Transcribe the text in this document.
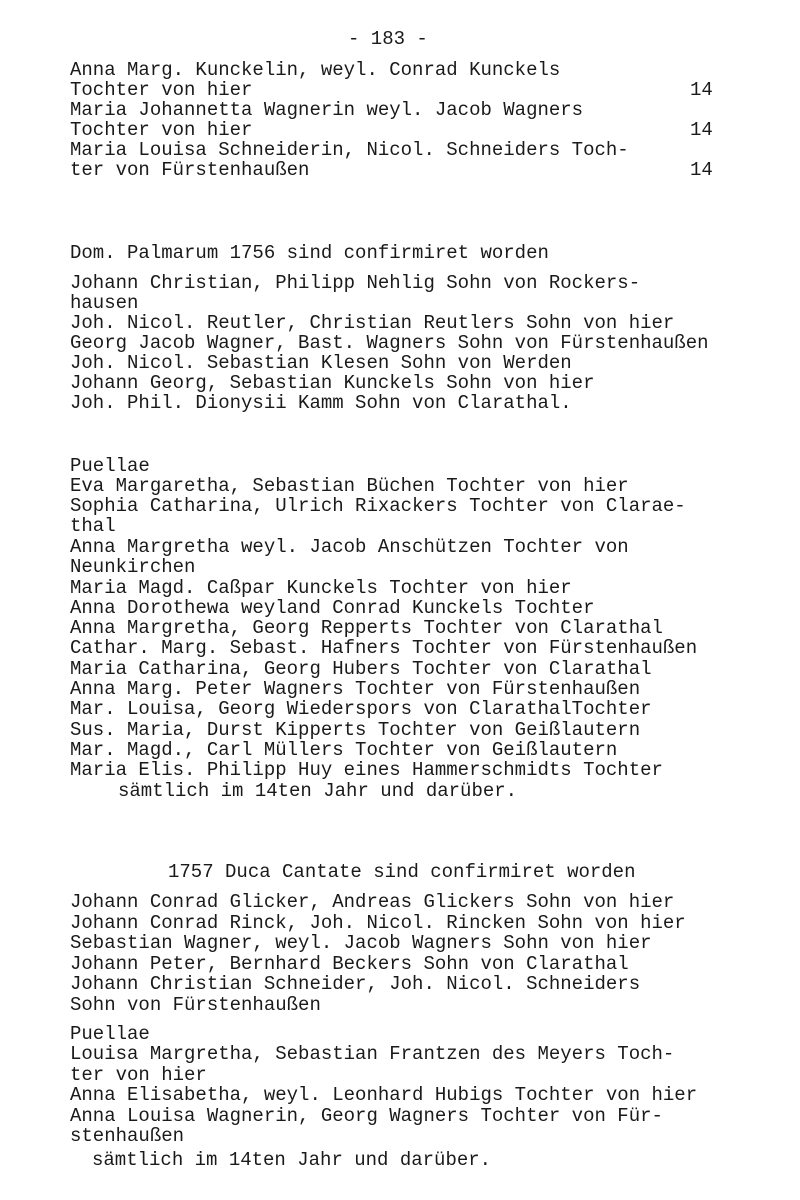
- 183 -
Anna Marg. Kunckelin, weyl. Conrad Kunckels
Tochter von hier	14
Maria Johannetta Wagnerin weyl. Jacob Wagners
Tochter von hier	14
Maria Louisa Schneiderin, Nicol. Schneiders Toch-
ter von Fürstenhaußen	14
Dom. Palmarum 1756 sind confirmiret worden
Johann Christian, Philipp Nehlig Sohn von Rockers-
hausen
Joh. Nicol. Reutler, Christian Reutlers Sohn von hier
Georg Jacob Wagner, Bast. Wagners Sohn von Fürstenhaußen
Joh. Nicol. Sebastian Klesen Sohn von Werden
Johann Georg, Sebastian Kunckels Sohn von hier
Joh. Phil. Dionysii Kamm Sohn von Clarathal.
Puellae
Eva Margaretha, Sebastian Büchen Tochter von hier
Sophia Catharina, Ulrich Rixackers Tochter von Clarae-
thal
Anna Margretha weyl. Jacob Anschützen Tochter von
Neunkirchen
Maria Magd. Caßpar Kunckels Tochter von hier
Anna Dorothewa weyland Conrad Kunckels Tochter
Anna Margretha, Georg Repperts Tochter von Clarathal
Cathar. Marg. Sebast. Hafners Tochter von Fürstenhaußen
Maria Catharina, Georg Hubers Tochter von Clarathal
Anna Marg. Peter Wagners Tochter von Fürstenhaußen
Mar. Louisa, Georg Wiederspors von ClarathalTochter
Sus. Maria, Durst Kipperts Tochter von Geißlautern
Mar. Magd., Carl Müllers Tochter von Geißlautern
Maria Elis. Philipp Huy eines Hammerschmidts Tochter
sämtlich im 14ten Jahr und darüber.
1757 Duca Cantate sind confirmiret worden
Johann Conrad Glicker, Andreas Glickers Sohn von hier
Johann Conrad Rinck, Joh. Nicol. Rincken Sohn von hier
Sebastian Wagner, weyl. Jacob Wagners Sohn von hier
Johann Peter, Bernhard Beckers Sohn von Clarathal
Johann Christian Schneider, Joh. Nicol. Schneiders
Sohn von Fürstenhaußen
Puellae
Louisa Margretha, Sebastian Frantzen des Meyers Toch-
ter von hier
Anna Elisabetha, weyl. Leonhard Hubigs Tochter von hier
Anna Louisa Wagnerin, Georg Wagners Tochter von Für-
stenhaußen
sämtlich im 14ten Jahr und darüber.
